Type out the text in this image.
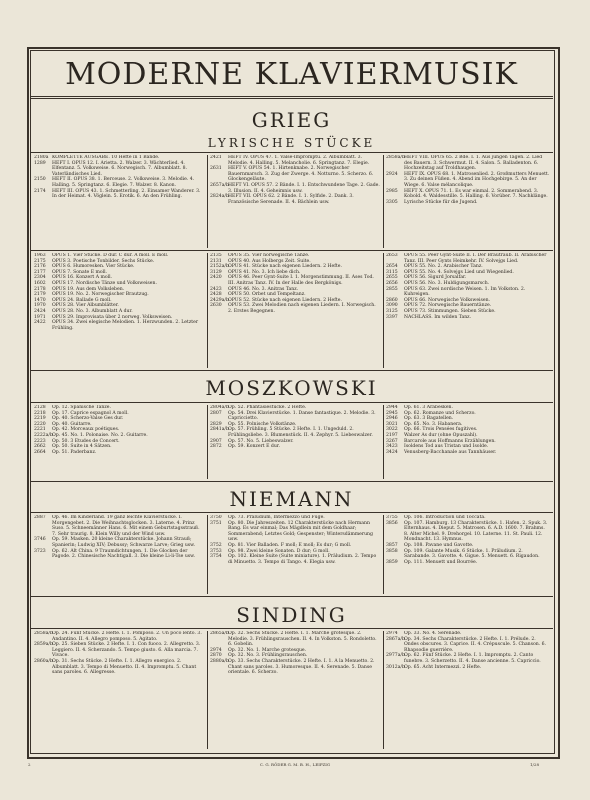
MODERNE KLAVIERMUSIK
GRIEG
LYRISCHE STÜCKE
2180a KOMPLETTE AUSGABE. 10 Hefte in 1 Bande.
1289	HEFT I. OPUS 12. I. Arietta. 2. Walzer. 3. Wächterlied. 4. Elfentanz. 5. Volksweise. 6. Norwegisch. 7. Albumblatt. 8. Vaterländisches Lied.
2150	HEFT II. OPUS 38. 1. Berceuse. 2. Volksweise. 3. Melodie. 4. Halling. 5. Springtanz. 6. Elegie. 7. Walzer. 8. Kanon.
2174	HEFT III. OPUS 43. 1. Schmetterling. 2. Einsamer Wanderer. 3. In der Heimat. 4. Vöglein. 5. Erotik. 6. An den Frühling.
2421	HEFT IV. OPUS 47. 1. Valse-Impromptu. 2. Albumblatt. 3. Melodie. 4. Halling. 5. Melancholie. 6. Springtanz. 7. Elegie.
2631	HEFT V. OPUS 54. 1. Hirtenknabe. 2. Norwegischer Bauernmarsch. 3. Zug der Zwerge. 4. Notturno. 5. Scherzo. 6. Glockengeläute.
2657a/b HEFT VI. OPUS 57. 2 Bände. I. 1. Entschwundene Tage. 2. Gade. 3. Illusion. II. 4. Geheimnis usw.
2824a/b HEFT VII. OPUS 62. 2 Bände. I. 1. Sylfide. 2. Dank. 3. Französische Serenade. II. 4. Bächlein usw.
2858a/b HEFT VIII. OPUS 65. 2 Bde. I. 1. Aus jungen Tagen. 2. Lied des Bauern. 3. Schwermut. II. 4. Salon. 5. Balladenton. 6. Hochzeitstag auf Troldhaugen.
2924	HEFT IX. OPUS 68. 1. Matrosenlied. 2. Großmutters Menuett. 3. Zu deinen Füßen. 4. Abend im Hochgebirge. 5. An der Wiege. 6. Valse mélancolique.
2985	HEFT X. OPUS 71. 1. Es war einmal. 2. Sommerabend. 3. Kobold. 4. Waldesstille. 5. Halling. 6. Vorüber. 7. Nachklänge.
3305	Lyrische Stücke für die Jugend.
1963	OPUS 1. Vier Stücke. D dur. C dur. A moll. E moll.
2175	OPUS 3. Poetische Tonbilder. Sechs Stücke.
2176	OPUS 6. Humoresken. Vier Stücke.
2177	OPUS 7. Sonate E moll.
2304	OPUS 16. Konzert A moll.
1602	OPUS 17. Nordische Tänze und Volksweisen.
2178	OPUS 19. Aus dem Volksleben.
2179	OPUS 19. No. 2. Norwegischer Brautzug.
1470	OPUS 24. Ballade G moll.
1970	OPUS 28. Vier Albumblätter.
2424	OPUS 28. No. 3. Albumblatt A dur.
1971	OPUS 29. Improvisata über 2 norweg. Volksweisen.
2422	OPUS 34. Zwei elegische Melodien. 1. Herzwunden. 2. Letzter Frühling.
2135	OPUS 35. Vier norwegische Tänze.
2131	OPUS 40. Aus Holbergs Zeit. Suite.
2152a/b OPUS 41. Stücke nach eigenen Liedern. 2 Hefte.
3129	OPUS 41. No. 3. Ich liebe dich.
2420	OPUS 46. Peer Gynt-Suite I. 1. Morgenstimmung. II. Ases Tod. III. Anitras Tanz. IV. In der Halle des Bergkönigs.
2423	OPUS 46. No. 3. Anitras Tanz.
2428	OPUS 50. Orbet und Tempeltanz.
2429a/b OPUS 52. Stücke nach eigenen Liedern. 2 Hefte.
2630	OPUS 53. Zwei Melodien nach eigenen Liedern. I. Norwegisch. 2. Erstes Begegnen.
2653	OPUS 55. Peer Gynt-Suite II. I. Der Brautraub. II. Arabischer Tanz. III. Peer Gynts Heimkehr. IV. Solvejgs Lied.
2654	OPUS 55. No. 2. Arabischer Tanz.
3115	OPUS 55. No. 4. Solvejgs Lied und Wiegenlied.
2655	OPUS 56. Sigurd Jorsalfar.
2656	OPUS 56. No. 3. Huldigungsmarsch.
2855	OPUS 63. Zwei nordische Weisen. 1. Im Volkston. 2. Kuhreigen.
2860	OPUS 66. Norwegische Volksweisen.
3090	OPUS 72. Norwegische Bauerntänze.
3125	OPUS 73. Stimmungen. Sieben Stücke.
3397	NACHLASS. Im wilden Tanz.
MOSZKOWSKI
2128	Op. 12. Spanische Tänze.
2218	Op. 17. Caprice espagnol A moll.
2219	Op. 40. Scherzo-Valse Ges dur.
2220	Op. 40. Guitarre.
2221	Op. 42. Morceaux poétiques.
2222a/b Op. 45. No. 1. Polonaise. No. 2. Guitarre.
2223	Op. 50. 3 Etudes de Concert.
2662	Op. 50. Suite in 4 Sätzen.
2664	Op. 51. Paderbanz.
2804a/b Op. 52. Phantasiestücke. 2 Hefte.
2807	Op. 54. Drei Klavierstücke. 1. Danse fantastique. 2. Melodie. 3. Capriccietto.
2829	Op. 55. Polnische Volkstänze.
2841a/b Op. 57. Frühling. 5 Stücke. 2 Hefte. I. 1. Ungeduld. 2. Frühlingsliebe. 3. Blumenstück. II. 4. Zephyr. 5. Liebeswalzer.
2907	Op. 57. No. 5. Liebeswalzer.
2872	Op. 59. Konzert E dur.
2944	Op. 61. 3 Arabesken.
2945	Op. 62. Romanze und Scherzo.
2946	Op. 63. 3 Bagatellen.
3021	Op. 65. No. 3. Habanera.
3022	Op. 66. Trois Pensées fugitives.
2197	Walzer As dur (ohne Opuszahl).
3267	Barcarole aus Hoffmanns Erzählungen.
3423	Isoldens Tod aus Tristan und Isolde.
3424	Venusberg-Bacchanale aus Tannhäuser.
NIEMANN
2887	Op. 46. Im Kinderland. 19 ganz leichte Klavierstücke. I. Morgengebet. 2. Die Weihnachtsglocken. 3. Laterne. 4. Prinz Suso. 5. Schneemänner Hans. 6. Mit einem Geburtstagsstrauß. 7. Sehr traurig. 8. Klein Willy und der Wind usw.
3746	Op. 59. Masken. 20 kleine Charakterstücke. Johann Strauß; Spanierin; Ludwig XIV; Debussy; Schwarze Larve; Grieg usw.
3723	Op. 62. Alt China. 9 Traumdichtungen. 1. Die Glocken der Pagode. 2. Chinesische Nachtigall. 3. Die kleine Li-li-Tse usw.
3750	Op. 73. Präludium, Intermezzo und Fuge.
3751	Op. 80. Die Jahreszeiten. 12 Charakterstücke nach Hermann Bang. Es war einmal; Das Mägdlein mit dem Goldhaar; Sommerabend; Letztes Gold; Gespenster; Wintersdämmerung usw.
3752	Op. 81. Vier Balladen. F moll; E moll; Es dur; G moll.
3753	Op. 98. Zwei kleine Sonaten. D dur; G moll.
3754	Op. 102. Kleine Suite (Suite miniature). 1. Präludium. 2. Tempo di Minuetto. 3. Tempo di Tango. 4. Elegia usw.
3755	Op. 106. Introduction und Toccata.
3856	Op. 107. Hamburg. 13 Charakterstücke. 1. Hafen. 2. Spuk. 3. Elternhaus. 4. Dieput. 5. Matrosen. 6. A.D. 1600. 7. Brahms. 8. Alter Michel. 9. Drehorgel. 10. Laterne. 11. St. Pauli. 12. Mondnacht. 13. Hymnus.
3857	Op. 108. Pavane und Gavotte.
3858	Op. 109. Galante Musik. 6 Stücke. 1. Präludium. 2. Sarabande. 3. Gavotte. 4. Gigue. 5. Menuett. 6. Rigaudon.
3859	Op. 111. Menuett und Bourrée.
SINDING
2858a/b Op. 24. Fünf Stücke. 2 Hefte. I. 1. Pomposo. 2. Un poco lento. 3. Andantino. II. 4. Allegro pomposo. 5. Agitato.
2859a/b Op. 25. Sieben Stücke. 2 Hefte. I. 1. Con fuoco. 2. Allegretto. 3. Leggiero. II. 4. Scherzando. 5. Tempo giusto. 6. Alla marcia. 7. Vivace.
2860a/b Op. 31. Sechs Stücke. 2 Hefte. I. 1. Allegro energico. 2. Albumblatt. 3. Tempo di Menuetto. II. 4. Impromptu. 5. Chant sans paroles. 6. Allegresse.
2865a/b Op. 32. Sechs Stücke. 2 Hefte. I. 1. Marche grotesque. 2. Melodie. 3. Frühlingsrauschen. II. 4. In Volkston. 5. Rondoletto. 6. Gobelin.
2974	Op. 32. No. 1. Marche grotesque.
2870	Op. 32. No. 3. Frühlingsrauschen.
2880a/b Op. 33. Sechs Charakterstücke. 2 Hefte. I. 1. A la Menuetto. 2. Chant sans paroles. 3. Humoresque. II. 4. Serenade. 5. Danse orientale. 6. Scherzo.
2974	Op. 33. No. 4. Serenade.
2867a/b Op. 34. Sechs Charakterstücke. 2 Hefte. I. 1. Prélude. 2. Ondes obscures. 3. Caprice. II. 4. Crépuscule. 5. Chanson. 6. Rhapsodie guerrière.
2977a/b Op. 62. Fünf Stücke. 2 Hefte. I. 1. Impromptu. 2. Canto funebre. 3. Scherzetto. II. 4. Danse ancienne. 5. Capriccio.
3012a/b Op. 65. Acht Intermezzi. 2 Hefte.
2	C. G. RÖDER G. M. B. H., LEIPZIG	1/28
